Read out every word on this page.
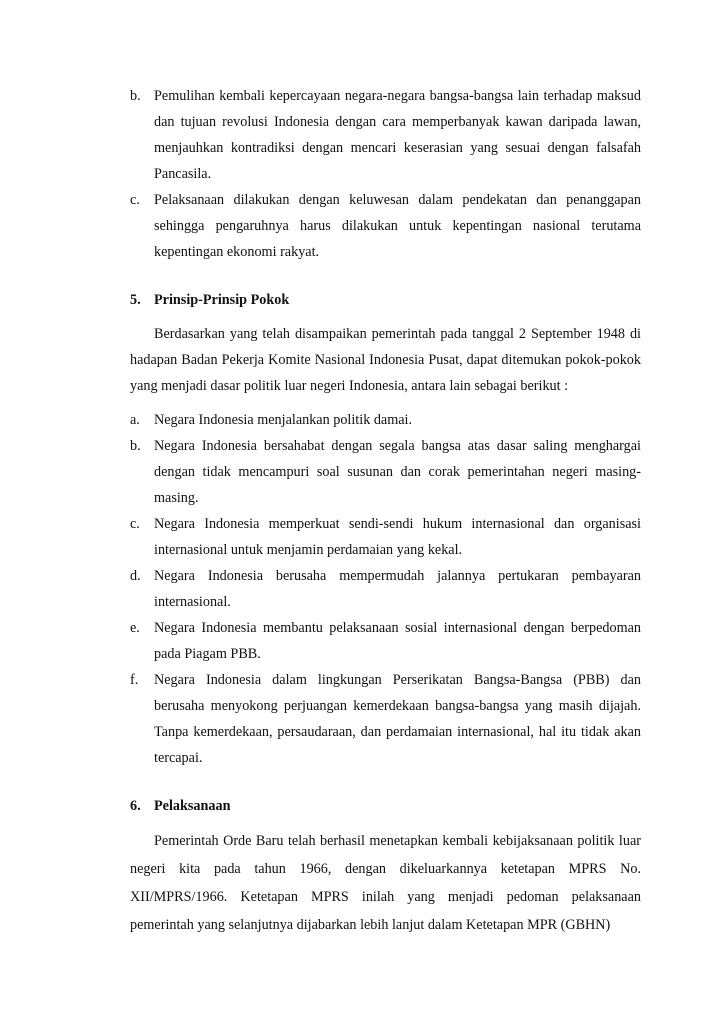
b. Pemulihan kembali kepercayaan negara-negara bangsa-bangsa lain terhadap maksud dan tujuan revolusi Indonesia dengan cara memperbanyak kawan daripada lawan, menjauhkan kontradiksi dengan mencari keserasian yang sesuai dengan falsafah Pancasila.
c. Pelaksanaan dilakukan dengan keluwesan dalam pendekatan dan penanggapan sehingga pengaruhnya harus dilakukan untuk kepentingan nasional terutama kepentingan ekonomi rakyat.
5. Prinsip-Prinsip Pokok
Berdasarkan yang telah disampaikan pemerintah pada tanggal 2 September 1948 di hadapan Badan Pekerja Komite Nasional Indonesia Pusat, dapat ditemukan pokok-pokok yang menjadi dasar politik luar negeri Indonesia, antara lain sebagai berikut :
a. Negara Indonesia menjalankan politik damai.
b. Negara Indonesia bersahabat dengan segala bangsa atas dasar saling menghargai dengan tidak mencampuri soal susunan dan corak pemerintahan negeri masing-masing.
c. Negara Indonesia memperkuat sendi-sendi hukum internasional dan organisasi internasional untuk menjamin perdamaian yang kekal.
d. Negara Indonesia berusaha mempermudah jalannya pertukaran pembayaran internasional.
e. Negara Indonesia membantu pelaksanaan sosial internasional dengan berpedoman pada Piagam PBB.
f.	Negara Indonesia dalam lingkungan Perserikatan Bangsa-Bangsa (PBB) dan berusaha menyokong perjuangan kemerdekaan bangsa-bangsa yang masih dijajah. Tanpa kemerdekaan, persaudaraan, dan perdamaian internasional, hal itu tidak akan tercapai.
6. Pelaksanaan
Pemerintah Orde Baru telah berhasil menetapkan kembali kebijaksanaan politik luar negeri kita pada tahun 1966, dengan dikeluarkannya ketetapan MPRS No. XII/MPRS/1966. Ketetapan MPRS inilah yang menjadi pedoman pelaksanaan pemerintah yang selanjutnya dijabarkan lebih lanjut dalam Ketetapan MPR (GBHN)
